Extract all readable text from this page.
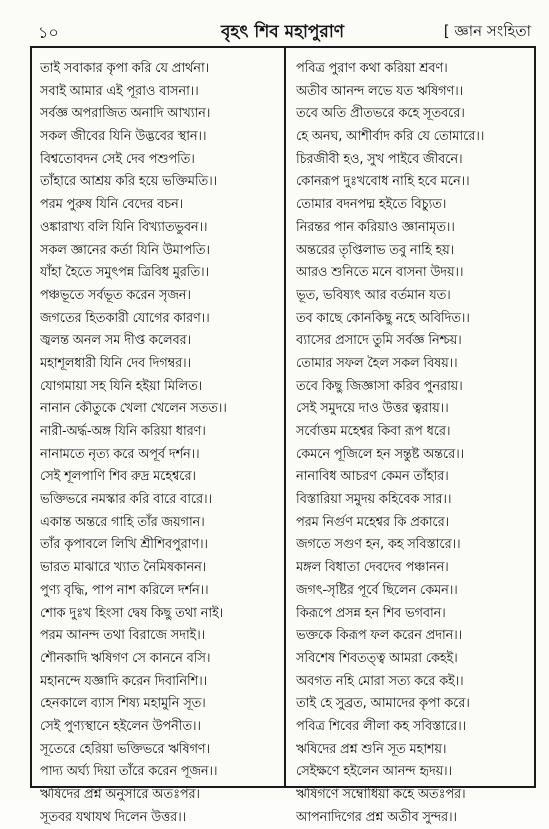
১০	বৃহৎ শিব মহাপুরাণ	[ জ্ঞান সংহিতা
তাই সবাকার কৃপা করি যে প্রার্থনা।
সবাই আমার এই পূরাও বাসনা।।
সর্বজ্ঞ অপরাজিত অনাদি আখ্যান।
সকল জীবের যিনি উদ্ভবের স্থান।।
বিশ্বতোবদন সেই দেব পশুপতি।
তাঁহারে আশ্রয় করি হয়ে ভক্তিমতি।।
পরম পুরুষ যিনি বেদের বচন।
ওঙ্কারাখ্য বলি যিনি বিখ্যাতভুবন।।
সকল জ্ঞানের কর্তা যিনি উমাপতি।
যাঁহা হৈতে সমুৎপন্ন ত্রিবিধ মুরতি।।
পঞ্চভূতে সর্বভূত করেন সৃজন।
জগতের হিতকারী যোগের কারণ।।
জ্বলন্ত অনল সম দীপ্ত কলেবর।
মহাশূলধারী যিনি দেব দিগম্বর।।
যোগমায়া সহ যিনি হইয়া মিলিত।
নানান কৌতুকে খেলা খেলেন সতত।।
নারী-অর্দ্ধ-অঙ্গ যিনি করিয়া ধারণ।
নানামতে নৃত্য করে অপূর্ব দর্শন।।
সেই শূলপাণি শিব রুদ্র মহেশ্বরে।
ভক্তিভরে নমস্কার করি বারে বারে।।
একান্ত অন্তরে গাহি তাঁর জয়গান।
তাঁর কৃপাবলে লিখি শ্রীশিবপুরাণ।।
ভারত মাঝারে খ্যাত নৈমিষকানন।
পুণ্য বৃদ্ধি, পাপ নাশ করিলে দর্শন।।
শোক দুঃখ হিংসা দ্বেষ কিছু তথা নাই।
পরম আনন্দ তথা বিরাজে সদাই।।
শৌনকাদি ঋষিগণ সে কাননে বসি।
মহানন্দে যজ্ঞাদি করেন দিবানিশি।।
হেনকালে ব্যাস শিষ্য মহামুনি সূত।
সেই পুণ্যস্থানে হইলেন উপনীত।।
সূতেরে হেরিয়া ভক্তিভরে ঋষিগণ।
পাদ্য অর্ঘ্য দিয়া তাঁরে করেন পূজন।।
ঋষিদের প্রশ্ন অনুসারে অতঃপর।
সূতবর যথাযথ দিলেন উত্তর।।
পবিত্র পুরাণ কথা করিয়া শ্রবণ।
অতীব আনন্দ লভে যত ঋষিগণ।।
তবে অতি প্রীতভরে কহে সূতবরে।
হে অনঘ, আশীর্বাদ করি যে তোমারে।।
চিরজীবী হও, সুখ পাইবে জীবনে।
কোনরূপ দুঃখবোধ নাহি হবে মনে।।
তোমার বদনপদ্ম হইতে বিচ্যুত।
নিরন্তর পান করিয়াও জ্ঞানামৃত।।
অন্তরের তৃপ্তিলাভ তবু নাহি হয়।
আরও শুনিতে মনে বাসনা উদয়।।
ভূত, ভবিষ্যৎ আর বর্তমান যত।
তব কাছে কোনকিছু নহে অবিদিত।।
ব্যাসের প্রসাদে তুমি সর্বজ্ঞ নিশ্চয়।
তোমার সফল হৈল সকল বিষয়।।
তবে কিছু জিজ্ঞাসা করিব পুনরায়।
সেই সমুদয়ে দাও উত্তর ত্বরায়।।
সর্বোত্তম মহেশ্বর কিবা রূপ ধরে।
কেমনে পূজিলে হন সন্তুষ্ট অন্তরে।।
নানাবিধ আচরণ কেমন তাঁহার।
বিস্তারিয়া সমুদয় কহিবেক সার।।
পরম নির্গুণ মহেশ্বর কি প্রকারে।
জগতে সগুণ হন, কহ সবিস্তারে।।
মঙ্গল বিধাতা দেবদেব পঞ্চানন।
জগৎ-সৃষ্টির পূর্বে ছিলেন কেমন।।
কিরূপে প্রসন্ন হন শিব ভগবান।
ভক্তকে কিরূপ ফল করেন প্রদান।।
সবিশেষ শিবতত্ত্ব আমরা কেহই।
অবগত নহি মোরা সত্য করে কই।।
তাই হে সুব্রত, আমাদের কৃপা করে।
পবিত্র শিবের লীলা কহ সবিস্তারে।।
ঋষিদের প্রশ্ন শুনি সূত মহাশয়।
সেইক্ষণে হইলেন আনন্দ হৃদয়।।
ঋষিগণে সম্বোধিয়া কহে অতঃপর।
আপনাদিগের প্রশ্ন অতীব সুন্দর।।
